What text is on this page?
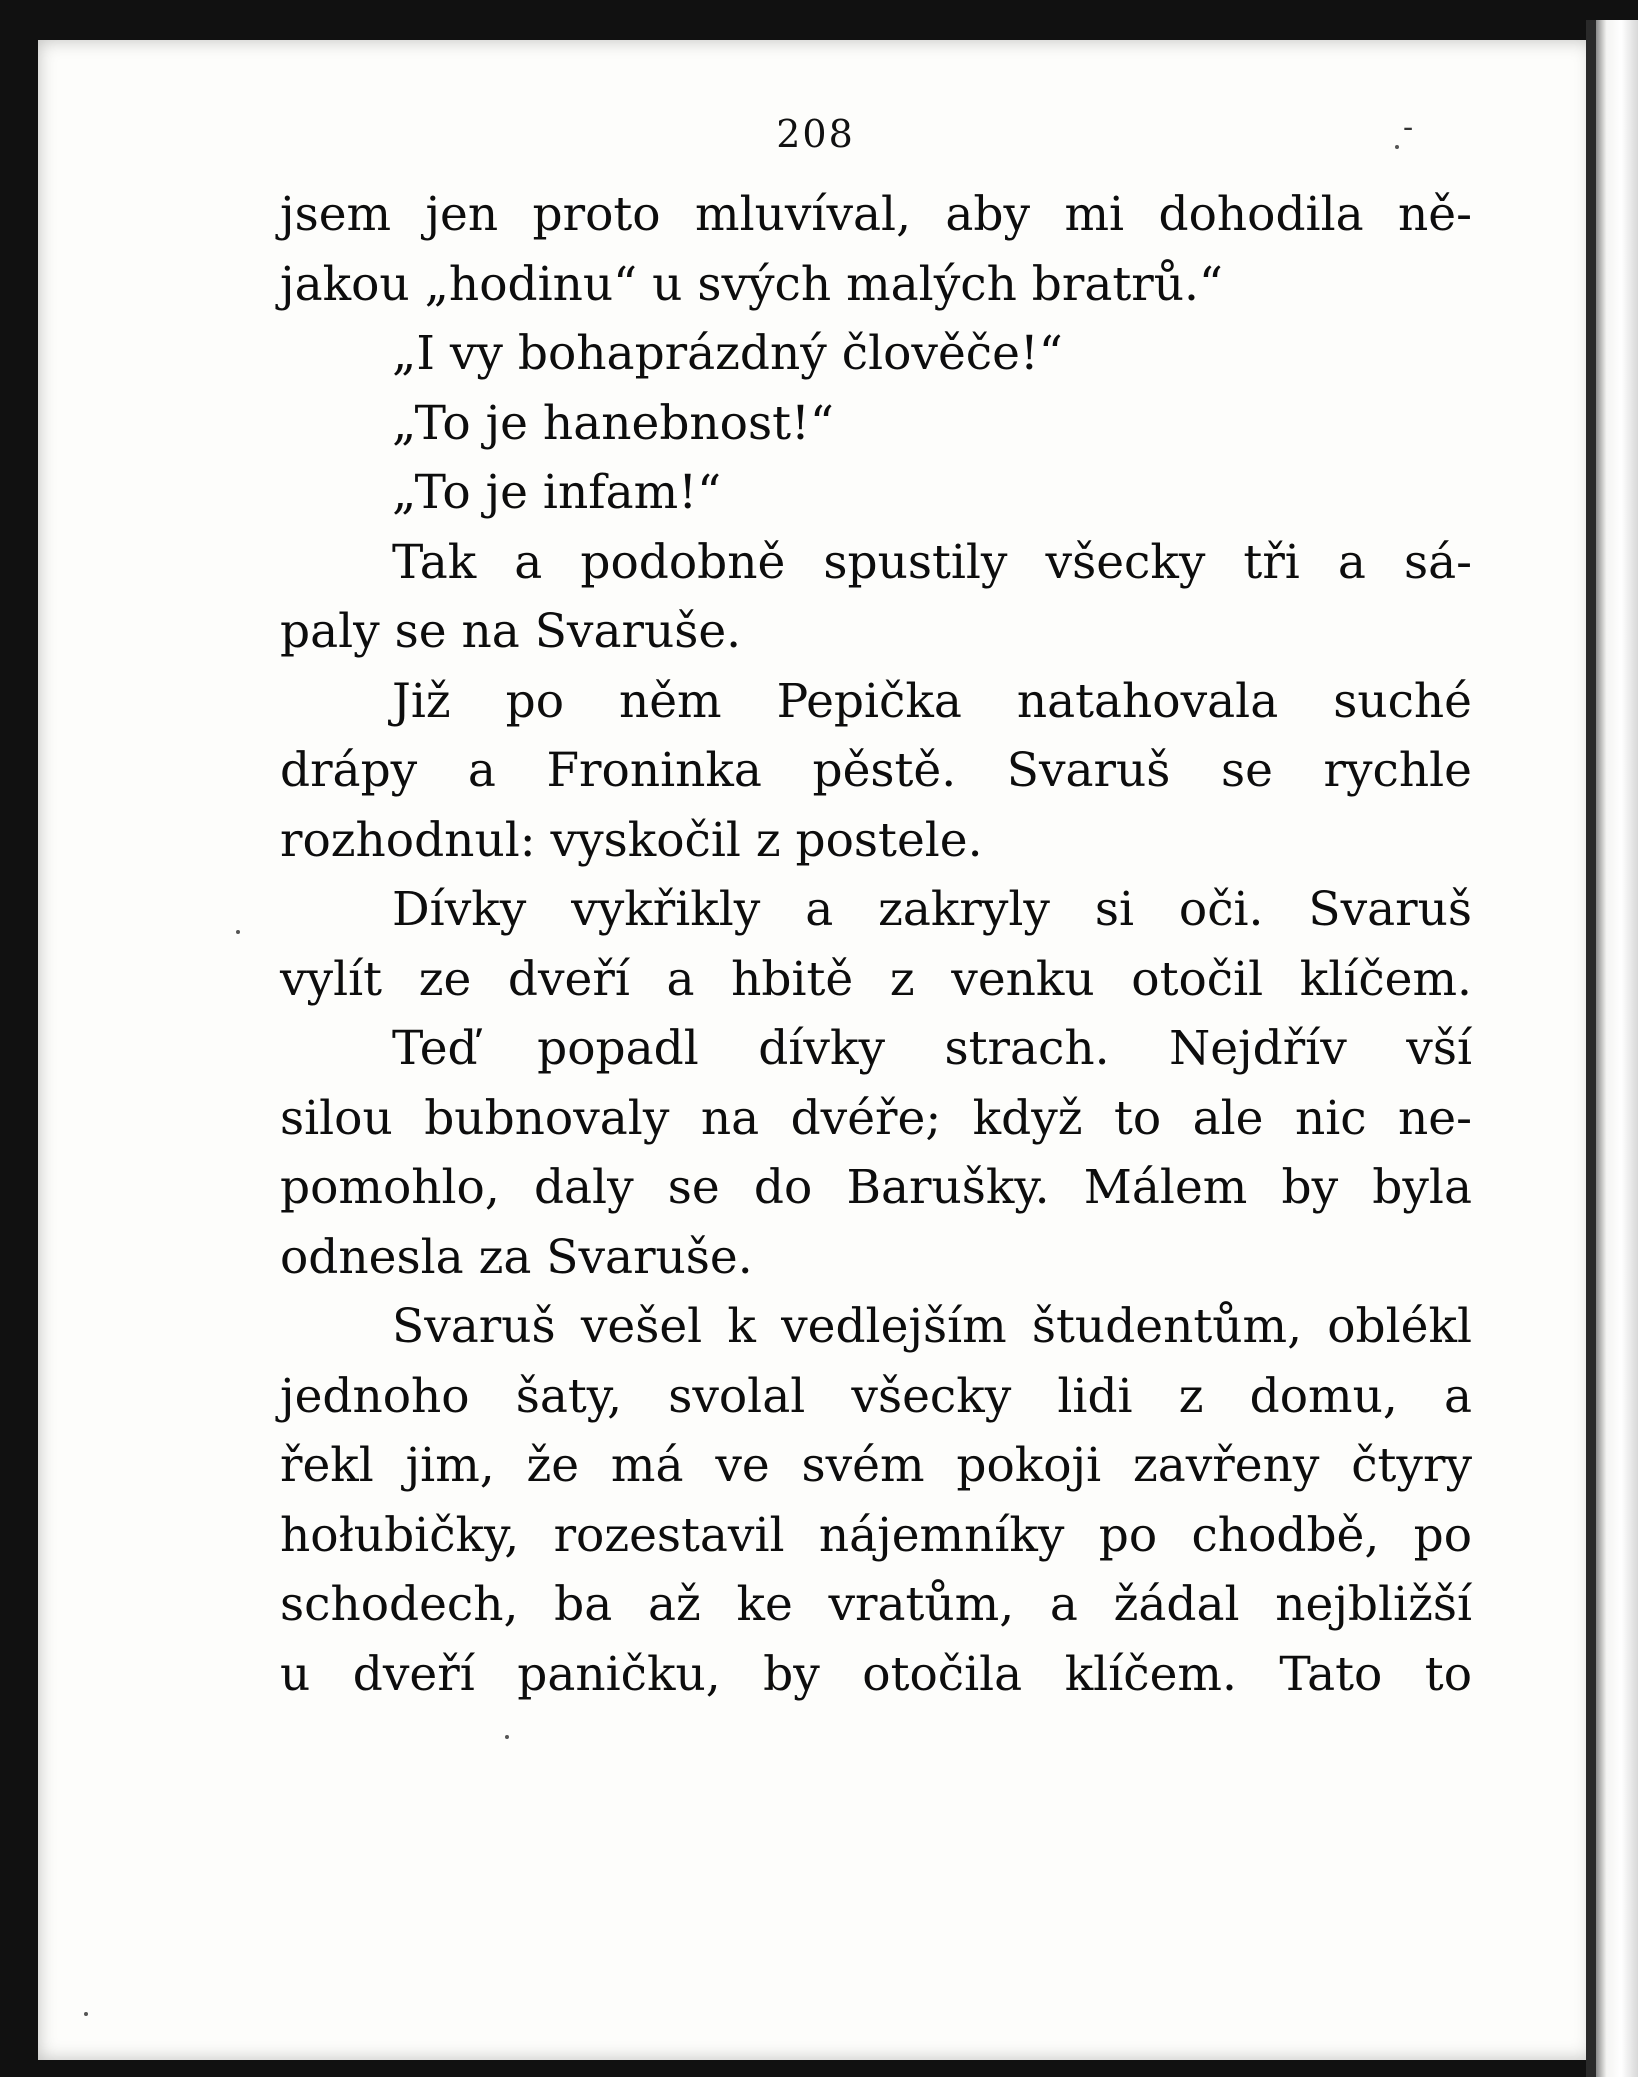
208	-
jsem jen proto mluvíval, aby mi dohodila ně-
jakou „hodinu“ u svých malých bratrů.“
„I vy bohaprázdný člověče!“
„To je hanebnost!“
„To je infam!“
Tak a podobně spustily všecky tři a sá-
paly se na Svaruše.
Již po něm Pepička natahovala suché
drápy a Froninka pěstě. Svaruš se rychle
rozhodnul: vyskočil z postele.
Dívky vykřikly a zakryly si oči. Svaruš
vylít ze dveří a hbitě z venku otočil klíčem.
Teď popadl dívky strach. Nejdřív vší
silou bubnovaly na dvéře; když to ale nic ne-
pomohlo, daly se do Barušky. Málem by byla
odnesla za Svaruše.
Svaruš vešel k vedlejším študentům, oblékl
jednoho šaty, svolal všecky lidi z domu, a
řekl jim, že má ve svém pokoji zavřeny čtyry
hołubičky, rozestavil nájemníky po chodbě, po
schodech, ba až ke vratům, a žádal nejbližší
u dveří paničku, by otočila klíčem. Tato to
